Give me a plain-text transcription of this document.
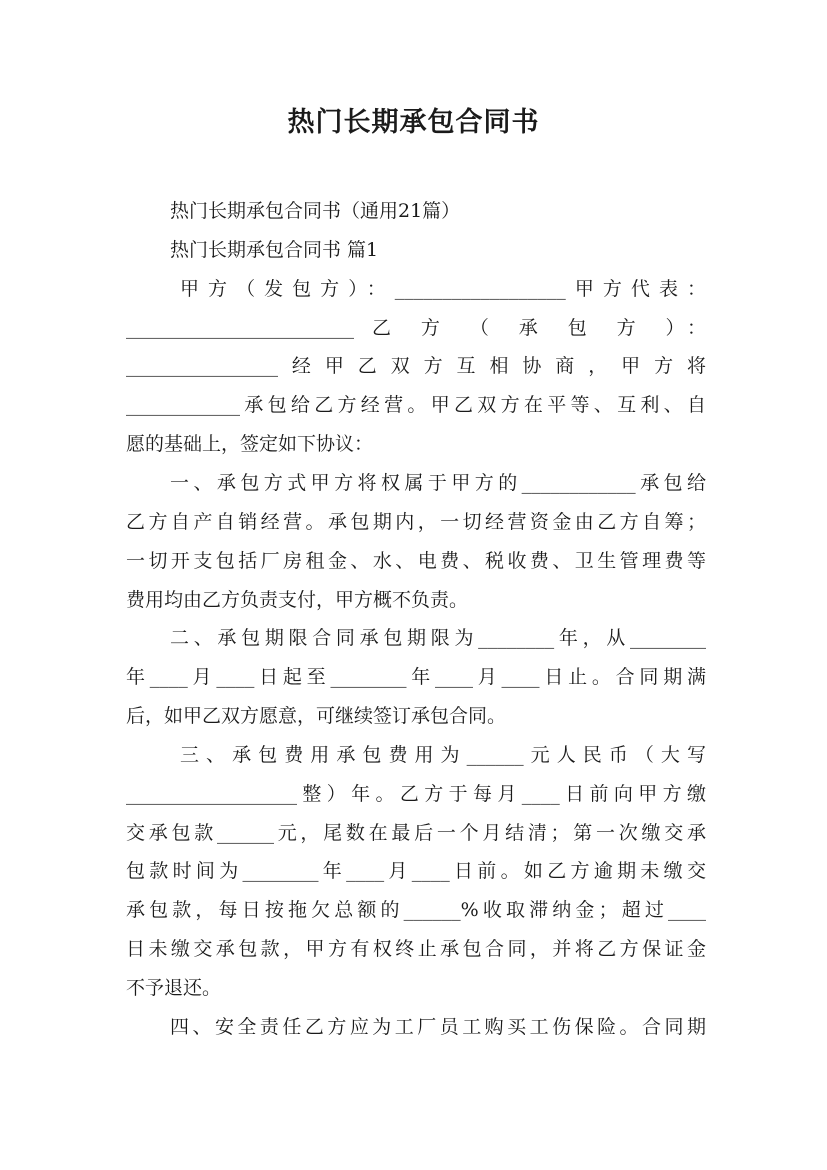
热门长期承包合同书
热门长期承包合同书（通用21篇）
热门长期承包合同书 篇1
甲方（发包方）：__________________甲方代表：
________________________ 乙 方 （ 承 包 方 ）：
________________经甲乙双方互相协商，甲方将
____________承包给乙方经营。甲乙双方在平等、互利、自
愿的基础上，签定如下协议：
一、承包方式甲方将权属于甲方的____________承包给
乙方自产自销经营。承包期内，一切经营资金由乙方自筹；
一切开支包括厂房租金、水、电费、税收费、卫生管理费等
费用均由乙方负责支付，甲方概不负责。
二、承包期限合同承包期限为________年，从________
年____月____日起至________年____月____日止。合同期满
后，如甲乙双方愿意，可继续签订承包合同。
三、承包费用承包费用为______元人民币（大写
__________________整）年。乙方于每月____日前向甲方缴
交承包款______元，尾数在最后一个月结清；第一次缴交承
包款时间为________年____月____日前。如乙方逾期未缴交
承包款，每日按拖欠总额的______%收取滞纳金；超过____
日未缴交承包款，甲方有权终止承包合同，并将乙方保证金
不予退还。
四、安全责任乙方应为工厂员工购买工伤保险。合同期
